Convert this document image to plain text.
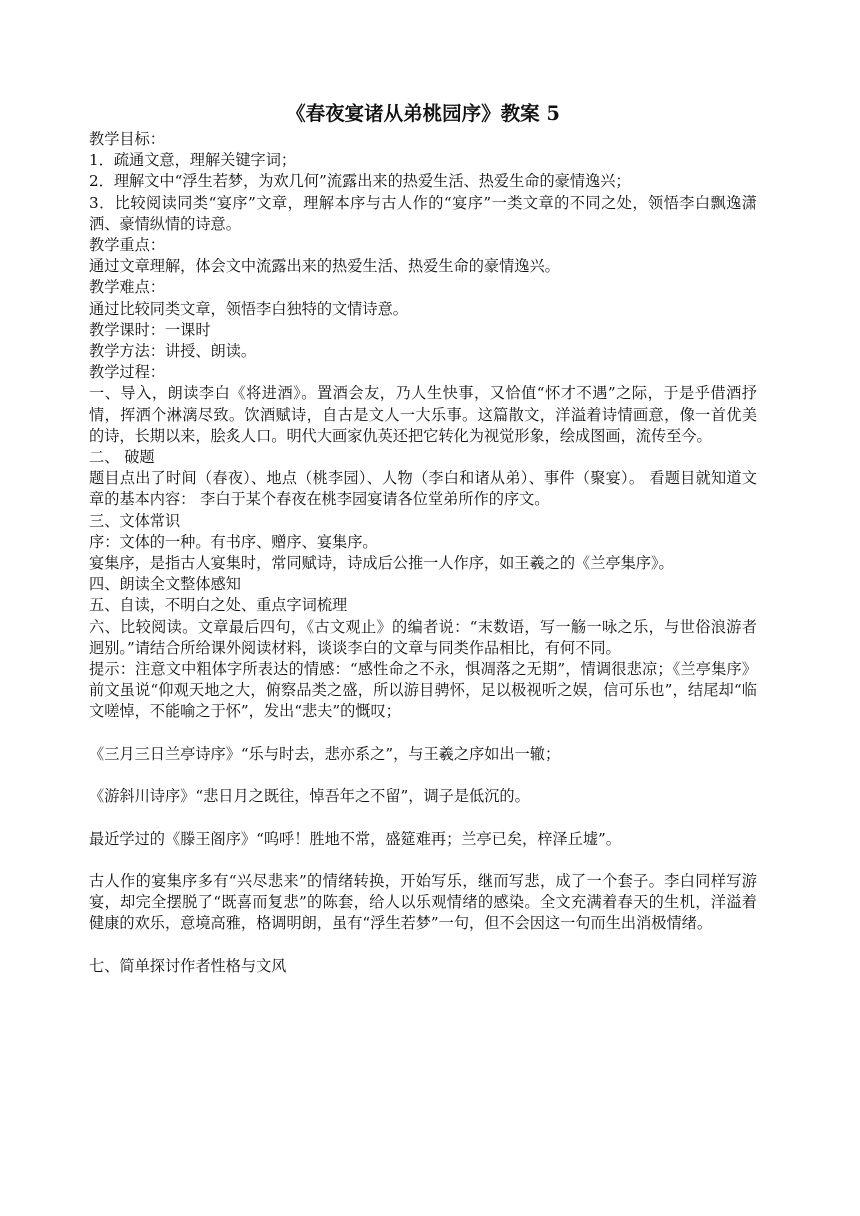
《春夜宴诸从弟桃园序》教案 5

教学目标：

1．疏通文意，理解关键字词；

2．理解文中“浮生若梦，为欢几何”流露出来的热爱生活、热爱生命的豪情逸兴；

3．比较阅读同类“宴序”文章，理解本序与古人作的“宴序”一类文章的不同之处，领悟李白飘逸潇洒、豪情纵情的诗意。

教学重点：

通过文章理解，体会文中流露出来的热爱生活、热爱生命的豪情逸兴。

教学难点：

通过比较同类文章，领悟李白独特的文情诗意。

教学课时：一课时

教学方法：讲授、朗读。

教学过程：

一、导入，朗读李白《将进酒》。置酒会友，乃人生快事，又恰值“怀才不遇”之际，于是乎借酒抒情，挥洒个淋漓尽致。饮酒赋诗，自古是文人一大乐事。这篇散文，洋溢着诗情画意，像一首优美的诗，长期以来，脍炙人口。明代大画家仇英还把它转化为视觉形象，绘成图画，流传至今。

二、 破题

题目点出了时间（春夜）、地点（桃李园）、人物（李白和诸从弟）、事件（聚宴）。 看题目就知道文章的基本内容： 李白于某个春夜在桃李园宴请各位堂弟所作的序文。

三、文体常识

序：文体的一种。有书序、赠序、宴集序。

宴集序，是指古人宴集时，常同赋诗，诗成后公推一人作序，如王羲之的《兰亭集序》。

四、朗读全文整体感知

五、自读，不明白之处、重点字词梳理

六、比较阅读。文章最后四句，《古文观止》的编者说：“末数语，写一觞一咏之乐，与世俗浪游者迥别。”请结合所给课外阅读材料，谈谈李白的文章与同类作品相比，有何不同。

提示：注意文中粗体字所表达的情感：“感性命之不永，惧凋落之无期”，情调很悲凉；《兰亭集序》前文虽说“仰观天地之大，俯察品类之盛，所以游目骋怀，足以极视听之娱，信可乐也”，结尾却“临文嗟悼，不能喻之于怀”，发出“悲夫”的慨叹；

《三月三日兰亭诗序》“乐与时去，悲亦系之”，与王羲之序如出一辙；

《游斜川诗序》“悲日月之既往，悼吾年之不留”，调子是低沉的。

最近学过的《滕王阁序》“呜呼！胜地不常，盛筵难再；兰亭已矣，梓泽丘墟”。

古人作的宴集序多有“兴尽悲来”的情绪转换，开始写乐，继而写悲，成了一个套子。李白同样写游宴，却完全摆脱了“既喜而复悲”的陈套，给人以乐观情绪的感染。全文充满着春天的生机，洋溢着健康的欢乐，意境高雅，格调明朗，虽有“浮生若梦”一句，但不会因这一句而生出消极情绪。

七、简单探讨作者性格与文风
